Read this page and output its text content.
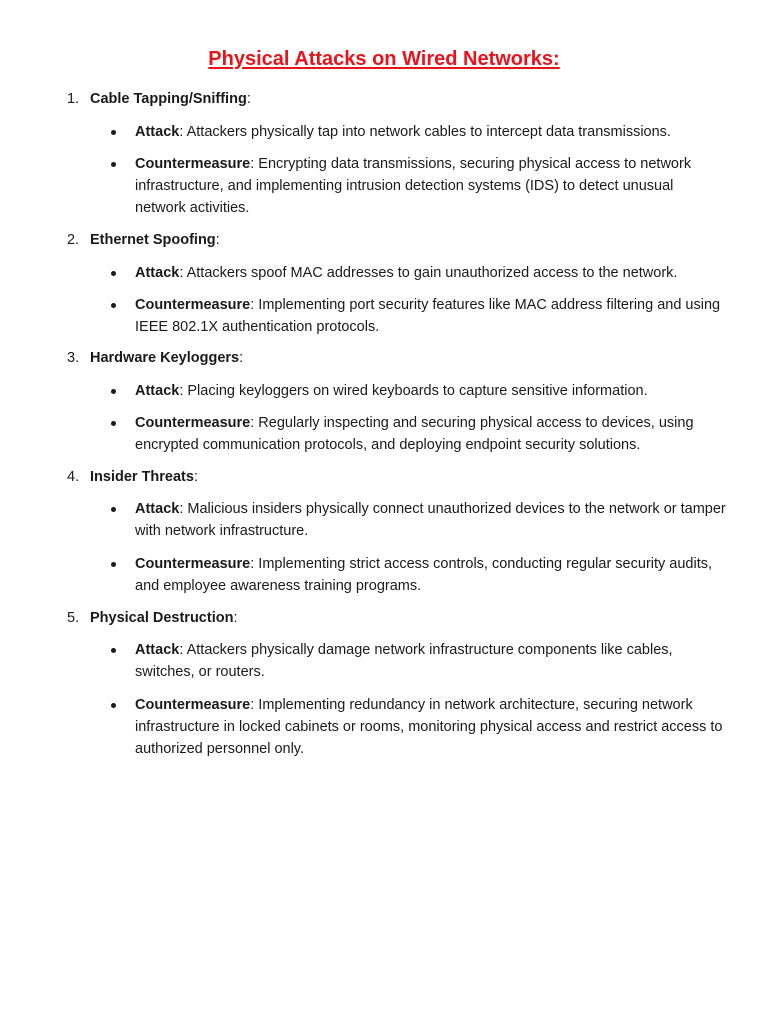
Physical Attacks on Wired Networks:
1. Cable Tapping/Sniffing:
Attack: Attackers physically tap into network cables to intercept data transmissions.
Countermeasure: Encrypting data transmissions, securing physical access to network infrastructure, and implementing intrusion detection systems (IDS) to detect unusual network activities.
2. Ethernet Spoofing:
Attack: Attackers spoof MAC addresses to gain unauthorized access to the network.
Countermeasure: Implementing port security features like MAC address filtering and using IEEE 802.1X authentication protocols.
3. Hardware Keyloggers:
Attack: Placing keyloggers on wired keyboards to capture sensitive information.
Countermeasure: Regularly inspecting and securing physical access to devices, using encrypted communication protocols, and deploying endpoint security solutions.
4. Insider Threats:
Attack: Malicious insiders physically connect unauthorized devices to the network or tamper with network infrastructure.
Countermeasure: Implementing strict access controls, conducting regular security audits, and employee awareness training programs.
5. Physical Destruction:
Attack: Attackers physically damage network infrastructure components like cables, switches, or routers.
Countermeasure: Implementing redundancy in network architecture, securing network infrastructure in locked cabinets or rooms, monitoring physical access and restrict access to authorized personnel only.
